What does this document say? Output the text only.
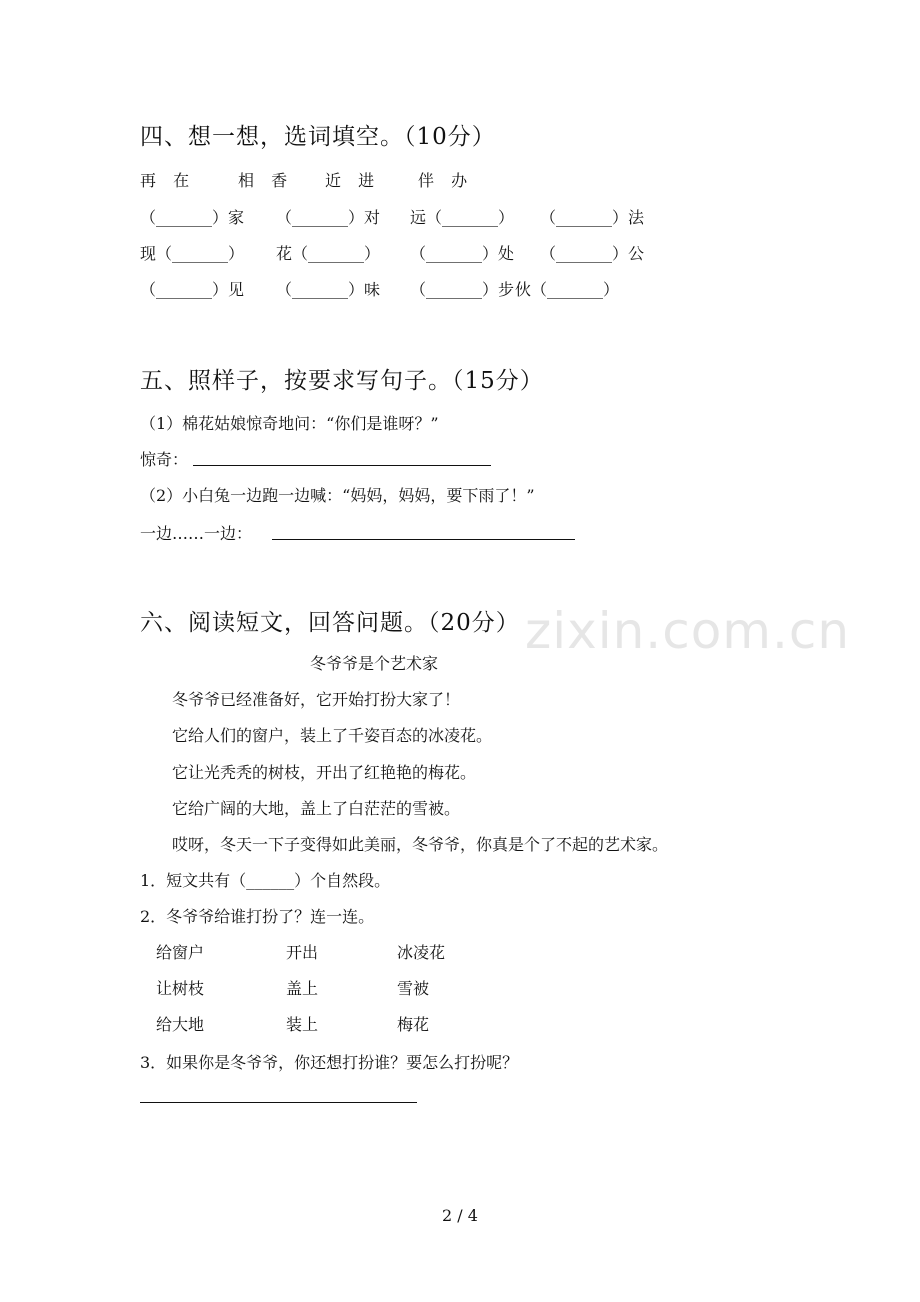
四、想一想，选词填空。（10分）
再 在	相 香 近 进 伴 办
（_______）家 （_______）对 远（_______） （_______）法
现（_______） 花（_______） （_______）处 （_______）公
（_______）见 （_______）味 （_______）步 伙（_______）
五、照样子，按要求写句子。（15分）
（1）棉花姑娘惊奇地问：“你们是谁呀？”
惊奇：
（2）小白兔一边跑一边喊：“妈妈，妈妈，要下雨了！”
一边……一边：
zixin.com.cn
六、阅读短文，回答问题。（20分）
冬爷爷是个艺术家
冬爷爷已经准备好，它开始打扮大家了！
它给人们的窗户，装上了千姿百态的冰凌花。
它让光秃秃的树枝，开出了红艳艳的梅花。
它给广阔的大地，盖上了白茫茫的雪被。
哎呀，冬天一下子变得如此美丽，冬爷爷，你真是个了不起的艺术家。
1．短文共有（______）个自然段。
2．冬爷爷给谁打扮了？连一连。
给窗户	开出	冰凌花
让树枝	盖上	雪被
给大地	装上	梅花
3．如果你是冬爷爷，你还想打扮谁？要怎么打扮呢？
2 / 4
